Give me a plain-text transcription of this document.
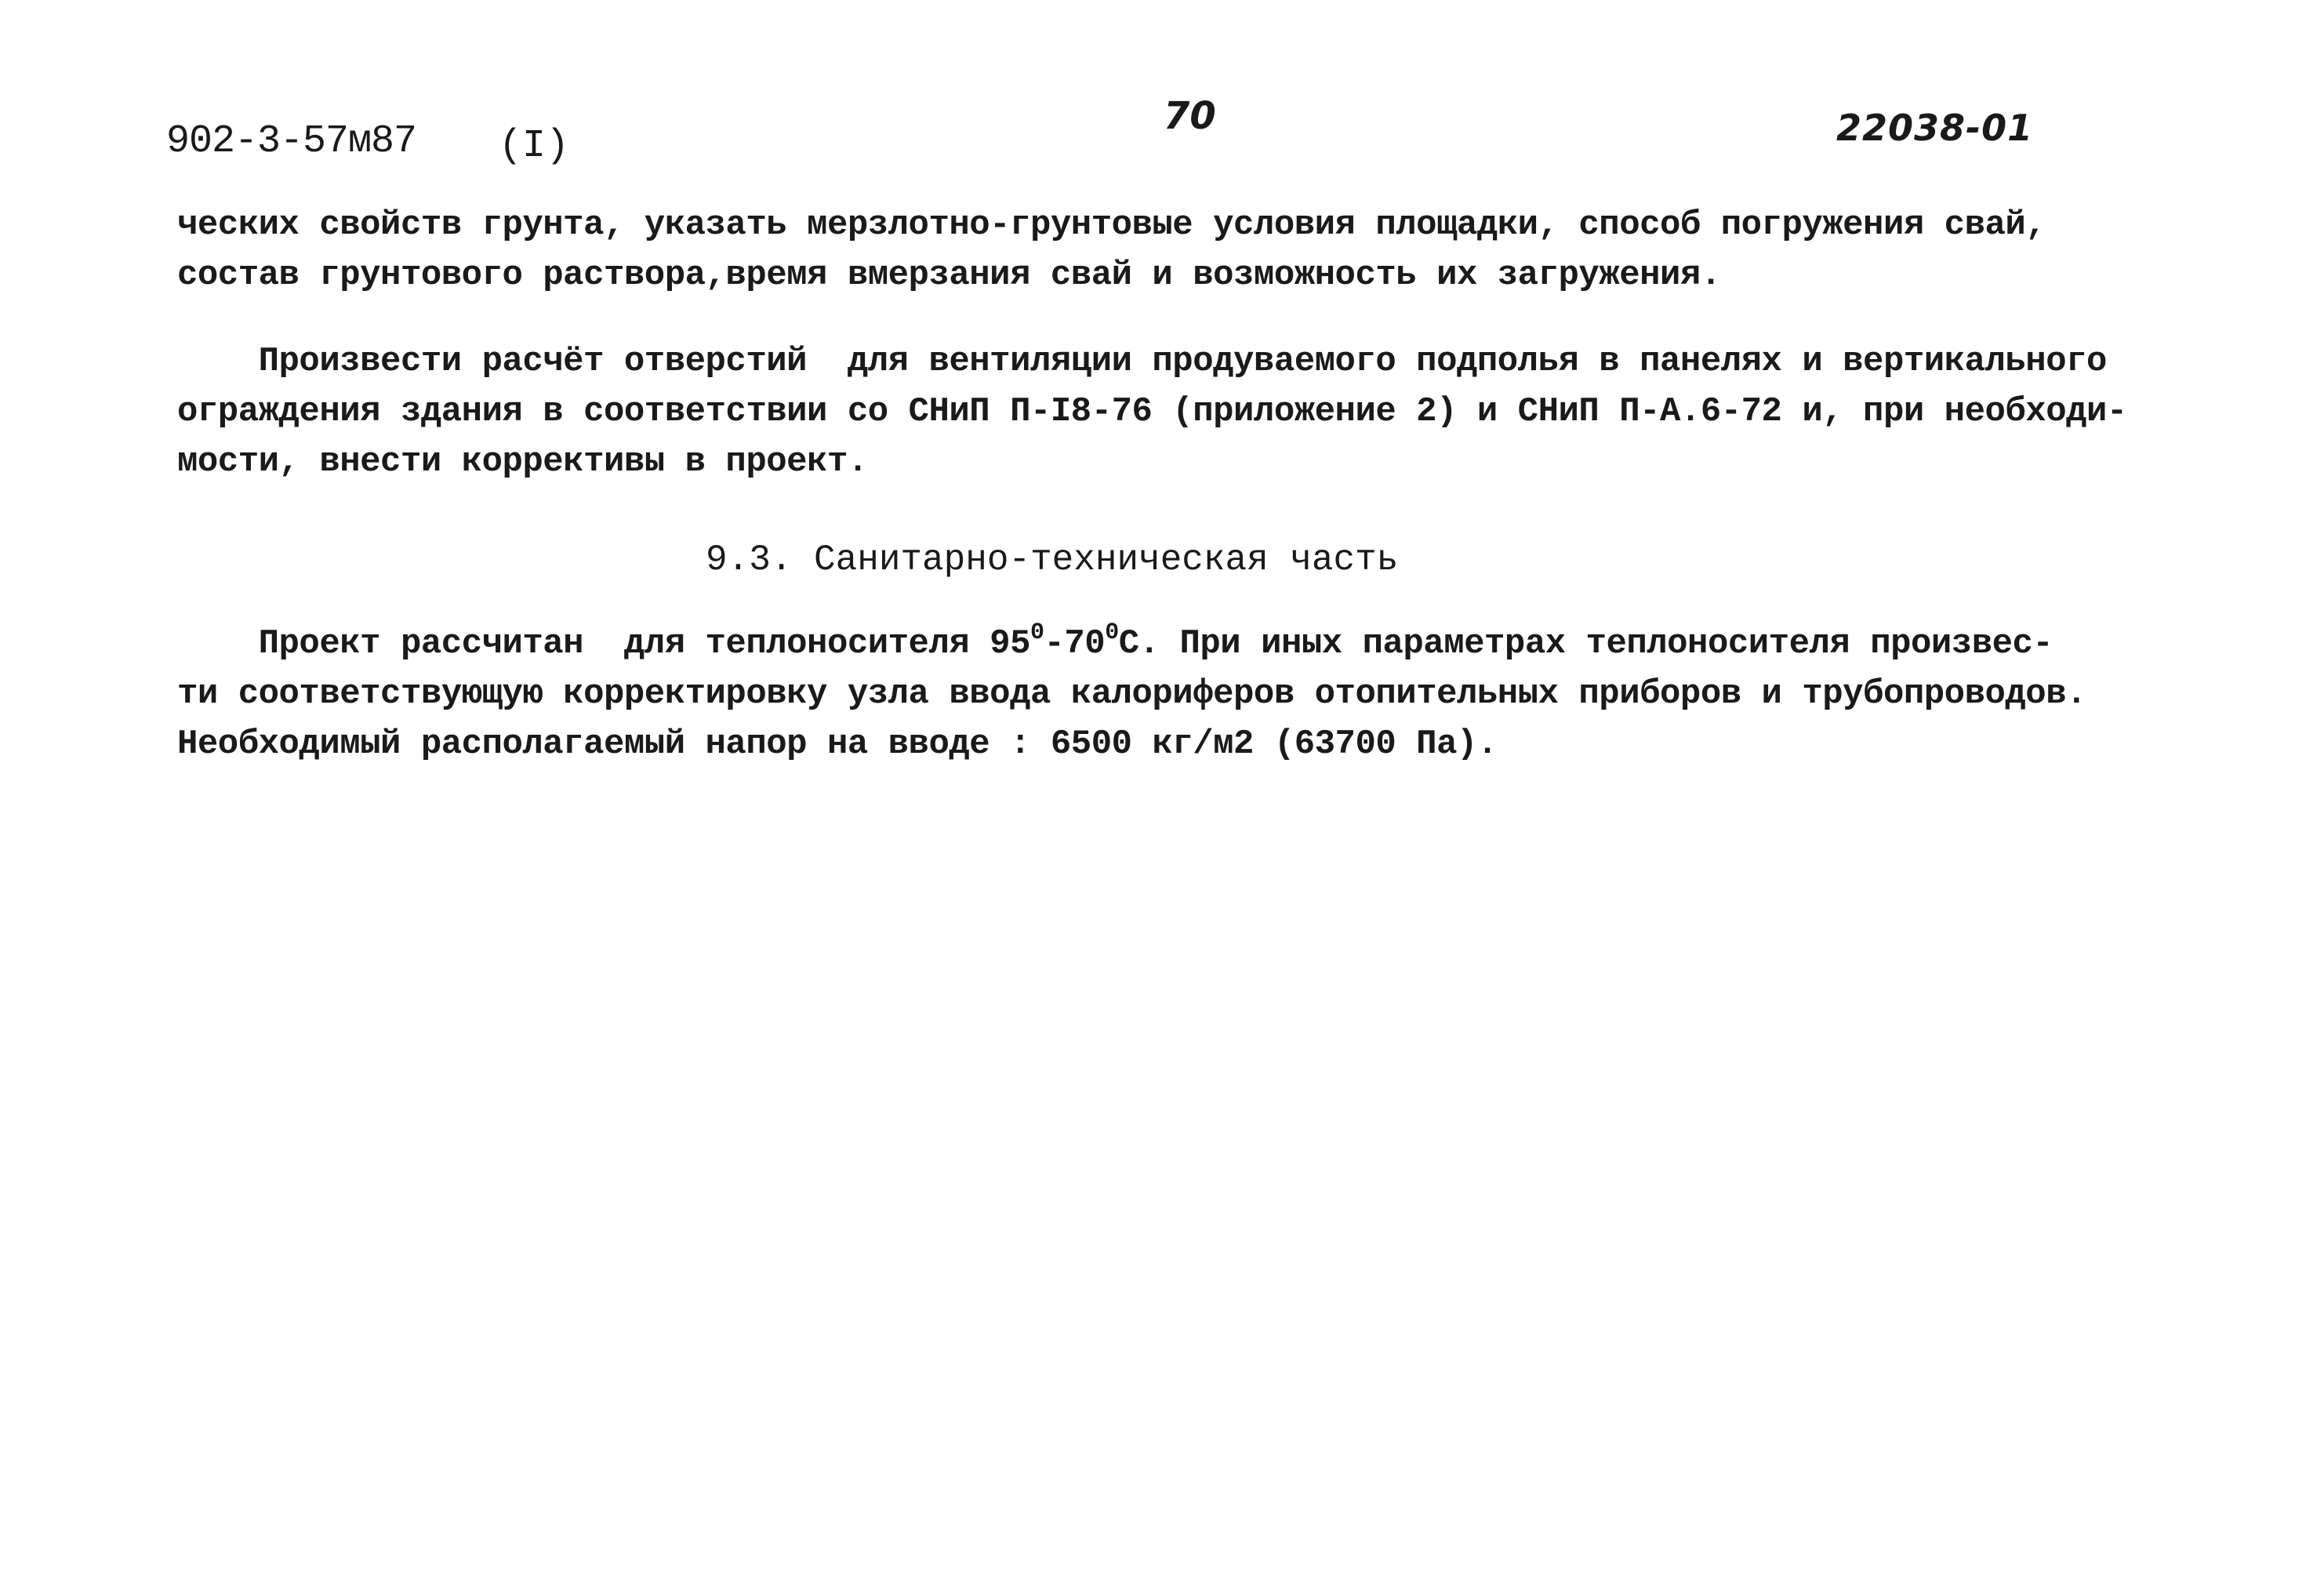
902-3-57м87 (I)
70	22038-01
ческих свойств грунта, указать мерзлотно-грунтовые условия площадки, способ погружения свай,
состав грунтового раствора,время вмерзания свай и возможность их загружения.
Произвести расчёт отверстий  для вентиляции продуваемого подполья в панелях и вертикального
ограждения здания в соответствии со СНиП П-I8-76 (приложение 2) и СНиП П-А.6-72 и, при необходи-
мости, внести коррективы в проект.
9.3. Санитарно-техническая часть
Проект рассчитан  для теплоносителя $95^0-70^0С$. При иных параметрах теплоносителя произвес-
ти соответствующую корректировку узла ввода калориферов отопительных приборов и трубопроводов.
Необходимый располагаемый напор на вводе : 6500 кг/м2 (63700 Па).
